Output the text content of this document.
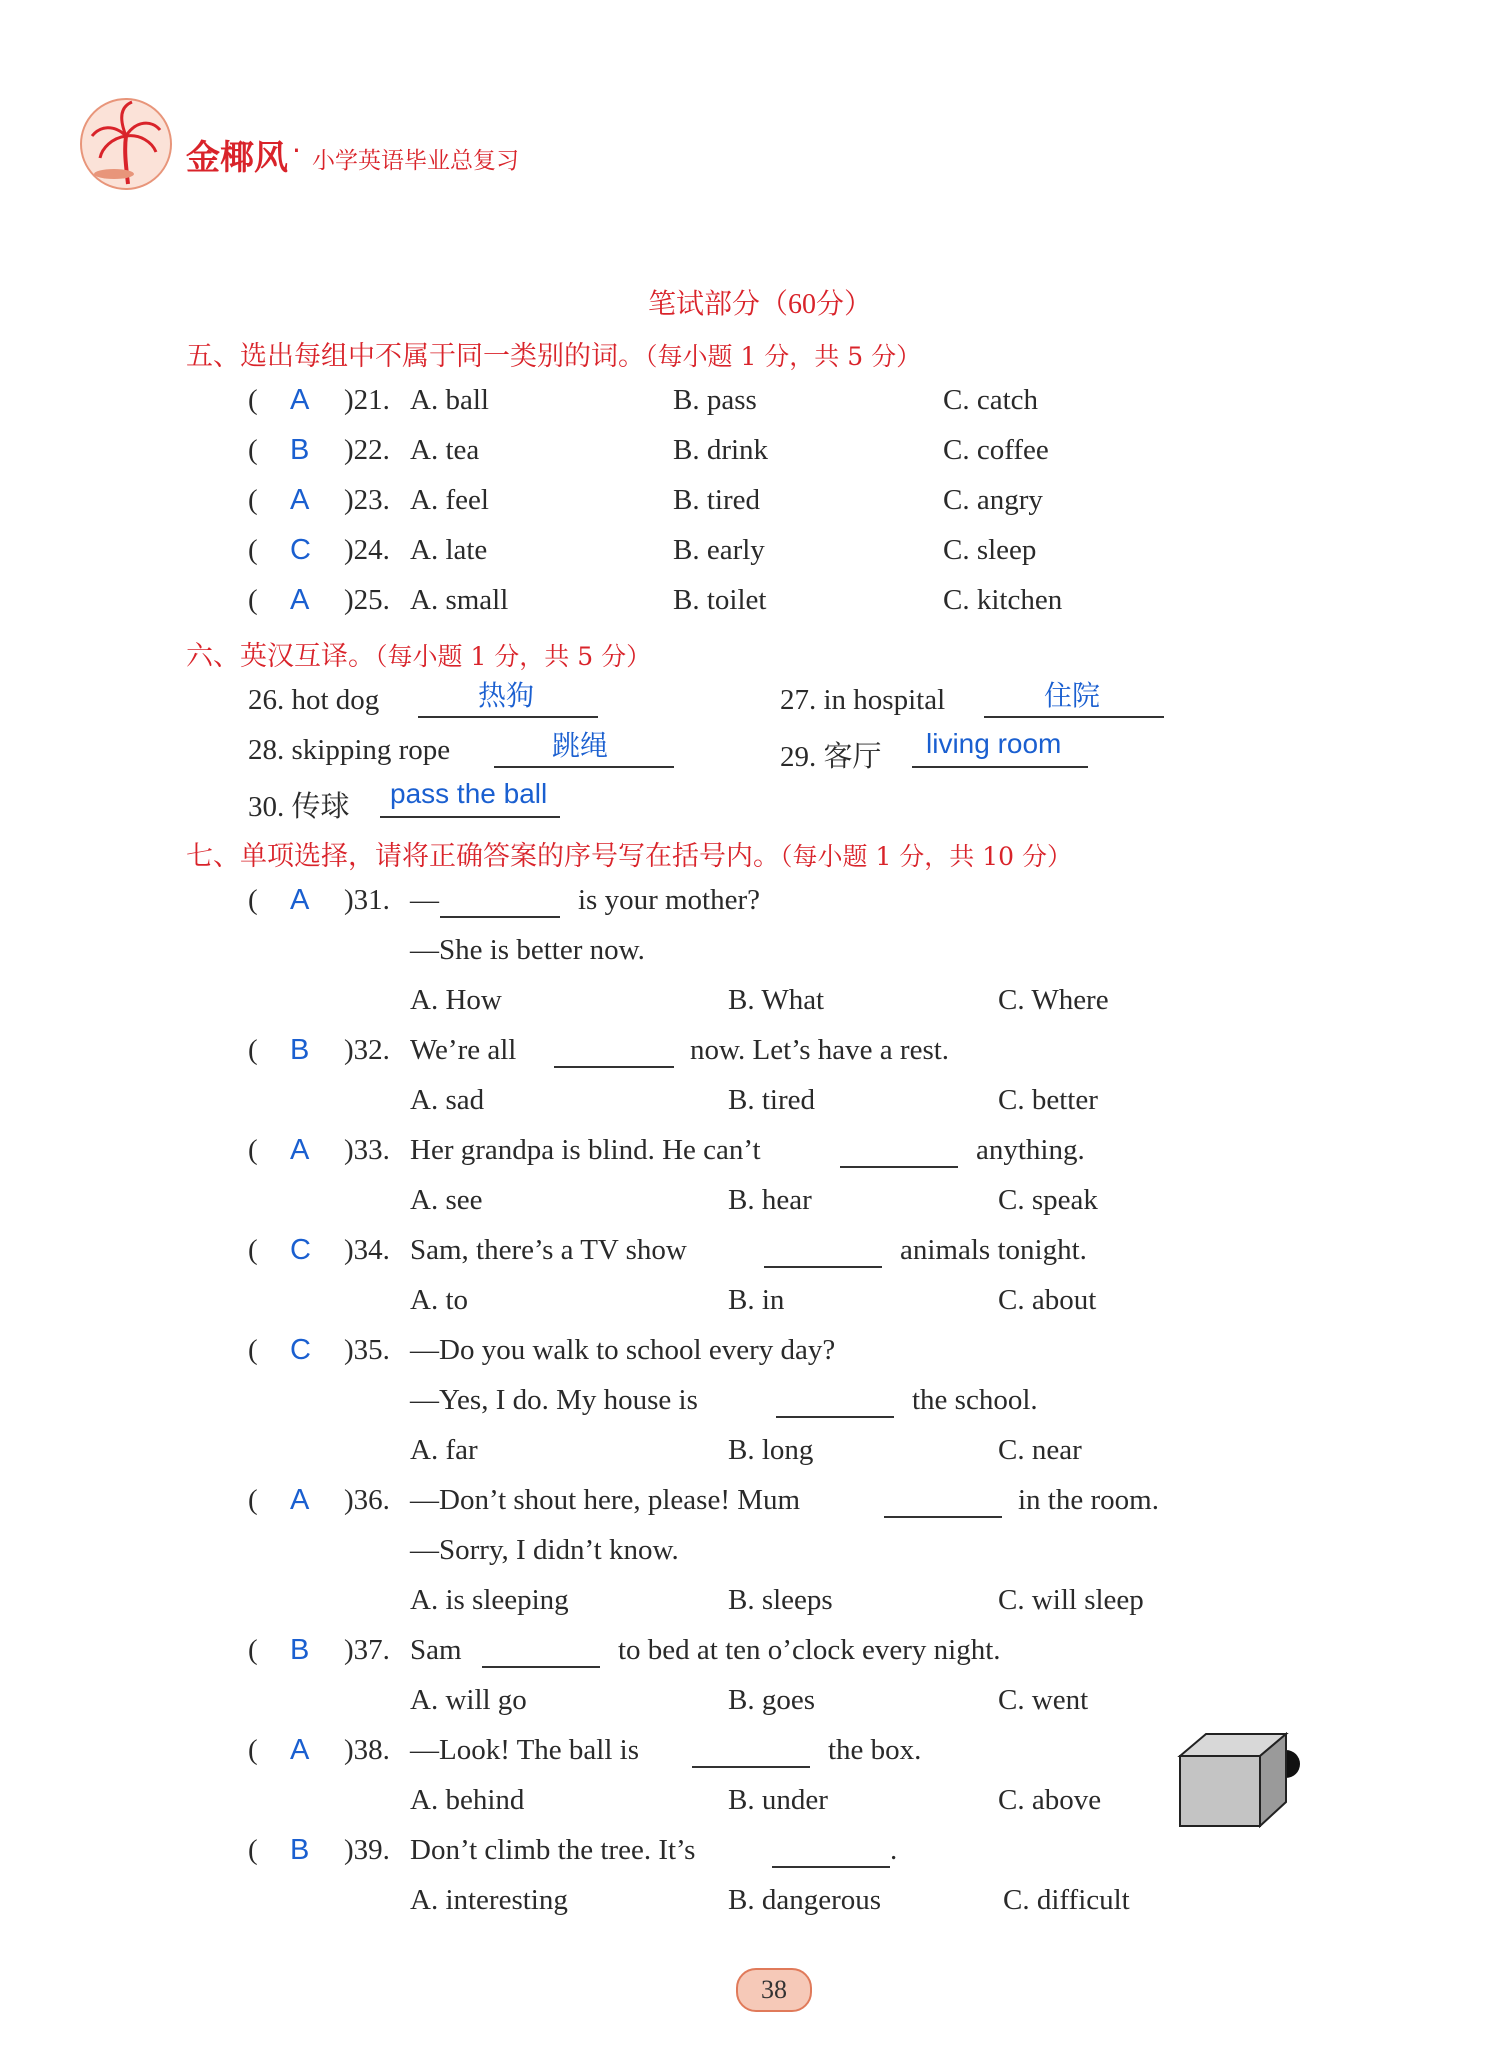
金椰风 · 小学英语毕业总复习
笔试部分（60分）
五、选出每组中不属于同一类别的词。（每小题 1 分，共 5 分）
( A )21. A. ball	B. pass	C. catch
( B )22. A. tea	B. drink	C. coffee
( A )23. A. feel	B. tired	C. angry
( C )24. A. late	B. early	C. sleep
( A )25. A. small	B. toilet	C. kitchen
六、英汉互译。（每小题 1 分，共 5 分）
26. hot dog	热狗	27. in hospital	住院
28. skipping rope	跳绳	29. 客厅 living room
30. 传球 pass the ball
七、单项选择，请将正确答案的序号写在括号内。（每小题 1 分，共 10 分）
( A )31. —	is your mother?
—She is better now.
A. How	B. What	C. Where
( B )32. We’re all	now. Let’s have a rest.
A. sad	B. tired	C. better
( A )33. Her grandpa is blind. He can’t	anything.
A. see	B. hear	C. speak
( C )34. Sam, there’s a TV show	animals tonight.
A. to	B. in	C. about
( C )35. —Do you walk to school every day?
—Yes, I do. My house is	the school.
A. far	B. long	C. near
( A )36. —Don’t shout here, please! Mum	in the room.
—Sorry, I didn’t know.
A. is sleeping	B. sleeps	C. will sleep
( B )37. Sam	to bed at ten o’clock every night.
A. will go	B. goes	C. went
( A )38. —Look! The ball is	the box.
A. behind	B. under	C. above
( B )39. Don’t climb the tree. It’s	.
A. interesting	B. dangerous	C. difficult
38
